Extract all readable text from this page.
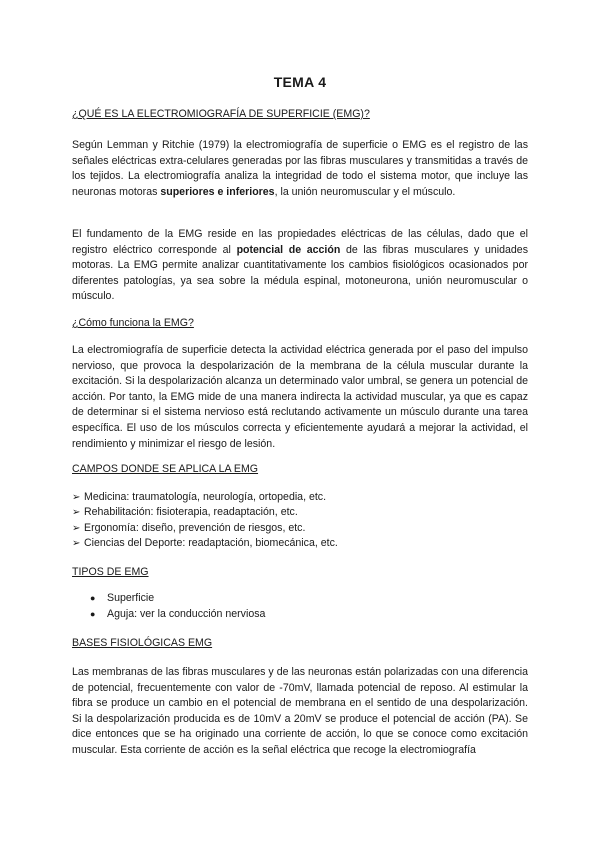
TEMA 4
¿QUÉ ES LA ELECTROMIOGRAFÍA DE SUPERFICIE (EMG)?
Según Lemman y Ritchie (1979) la electromiografía de superficie o EMG es el registro de las señales eléctricas extra-celulares generadas por las fibras musculares y transmitidas a través de los tejidos. La electromiografía analiza la integridad de todo el sistema motor, que incluye las neuronas motoras superiores e inferiores, la unión neuromuscular y el músculo.
El fundamento de la EMG reside en las propiedades eléctricas de las células, dado que el registro eléctrico corresponde al potencial de acción de las fibras musculares y unidades motoras. La EMG permite analizar cuantitativamente los cambios fisiológicos ocasionados por diferentes patologías, ya sea sobre la médula espinal, motoneurona, unión neuromuscular o músculo.
¿Cómo funciona la EMG?
La electromiografía de superficie detecta la actividad eléctrica generada por el paso del impulso nervioso, que provoca la despolarización de la membrana de la célula muscular durante la excitación. Si la despolarización alcanza un determinado valor umbral, se genera un potencial de acción. Por tanto, la EMG mide de una manera indirecta la actividad muscular, ya que es capaz de determinar si el sistema nervioso está reclutando activamente un músculo durante una tarea específica. El uso de los músculos correcta y eficientemente ayudará a mejorar la actividad, el rendimiento y minimizar el riesgo de lesión.
CAMPOS DONDE SE APLICA LA EMG
➢ Medicina: traumatología, neurología, ortopedia, etc.
➢ Rehabilitación: fisioterapia, readaptación, etc.
➢ Ergonomía: diseño, prevención de riesgos, etc.
➢ Ciencias del Deporte: readaptación, biomecánica, etc.
TIPOS DE EMG
● Superficie
● Aguja: ver la conducción nerviosa
BASES FISIOLÓGICAS EMG
Las membranas de las fibras musculares y de las neuronas están polarizadas con una diferencia de potencial, frecuentemente con valor de -70mV, llamada potencial de reposo. Al estimular la fibra se produce un cambio en el potencial de membrana en el sentido de una despolarización. Si la despolarización producida es de 10mV a 20mV se produce el potencial de acción (PA). Se dice entonces que se ha originado una corriente de acción, lo que se conoce como excitación muscular. Esta corriente de acción es la señal eléctrica que recoge la electromiografía
